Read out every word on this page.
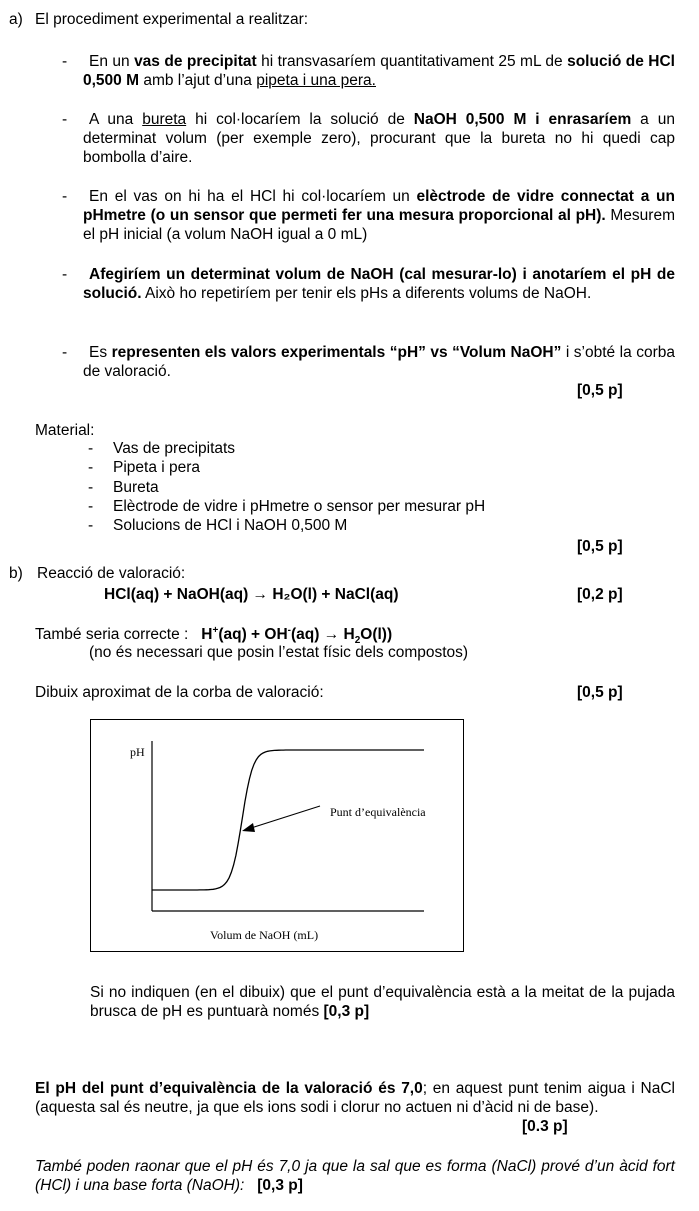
a) El procediment experimental a realitzar:
-	En un vas de precipitat hi transvasaríem quantitativament 25 mL de solució de HCl 0,500 M amb l’ajut d’una pipeta i una pera.
-	A una bureta hi col·locaríem la solució de NaOH 0,500 M i enrasaríem a un determinat volum (per exemple zero), procurant que la bureta no hi quedi cap bombolla d’aire.
-	En el vas on hi ha el HCl hi col·locaríem un elèctrode de vidre connectat a un pHmetre (o un sensor que permeti fer una mesura proporcional al pH). Mesurem el pH inicial (a volum NaOH igual a 0 mL)
-	Afegiríem un determinat volum de NaOH (cal mesurar-lo) i anotaríem el pH de solució. Això ho repetiríem per tenir els pHs a diferents volums de NaOH.
-	Es representen els valors experimentals “pH” vs “Volum NaOH” i s’obté la corba de valoració.
[0,5 p]
Material:
- Vas de precipitats
- Pipeta i pera
- Bureta
- Elèctrode de vidre i pHmetre o sensor per mesurar pH
- Solucions de HCl i NaOH 0,500 M
[0,5 p]
b) Reacció de valoració:
HCl(aq) + NaOH(aq) → H₂O(l) + NaCl(aq)	[0,2 p]
També seria correcte : $H^+(aq) + OH^-(aq) \to H_2O(l)$)
(no és necessari que posin l’estat físic dels compostos)
Dibuix aproximat de la corba de valoració:	[0,5 p]
pH
Punt d’equivalència
Volum de NaOH (mL)
Si no indiquen (en el dibuix) que el punt d’equivalència està a la meitat de la pujada brusca de pH es puntuarà només [0,3 p]
El pH del punt d’equivalència de la valoració és 7,0; en aquest punt tenim aigua i NaCl (aquesta sal és neutre, ja que els ions sodi i clorur no actuen ni d’àcid ni de base).
[0.3 p]
També poden raonar que el pH és 7,0 ja que la sal que es forma (NaCl) prové d’un àcid fort (HCl) i una base forta (NaOH): [0,3 p]
